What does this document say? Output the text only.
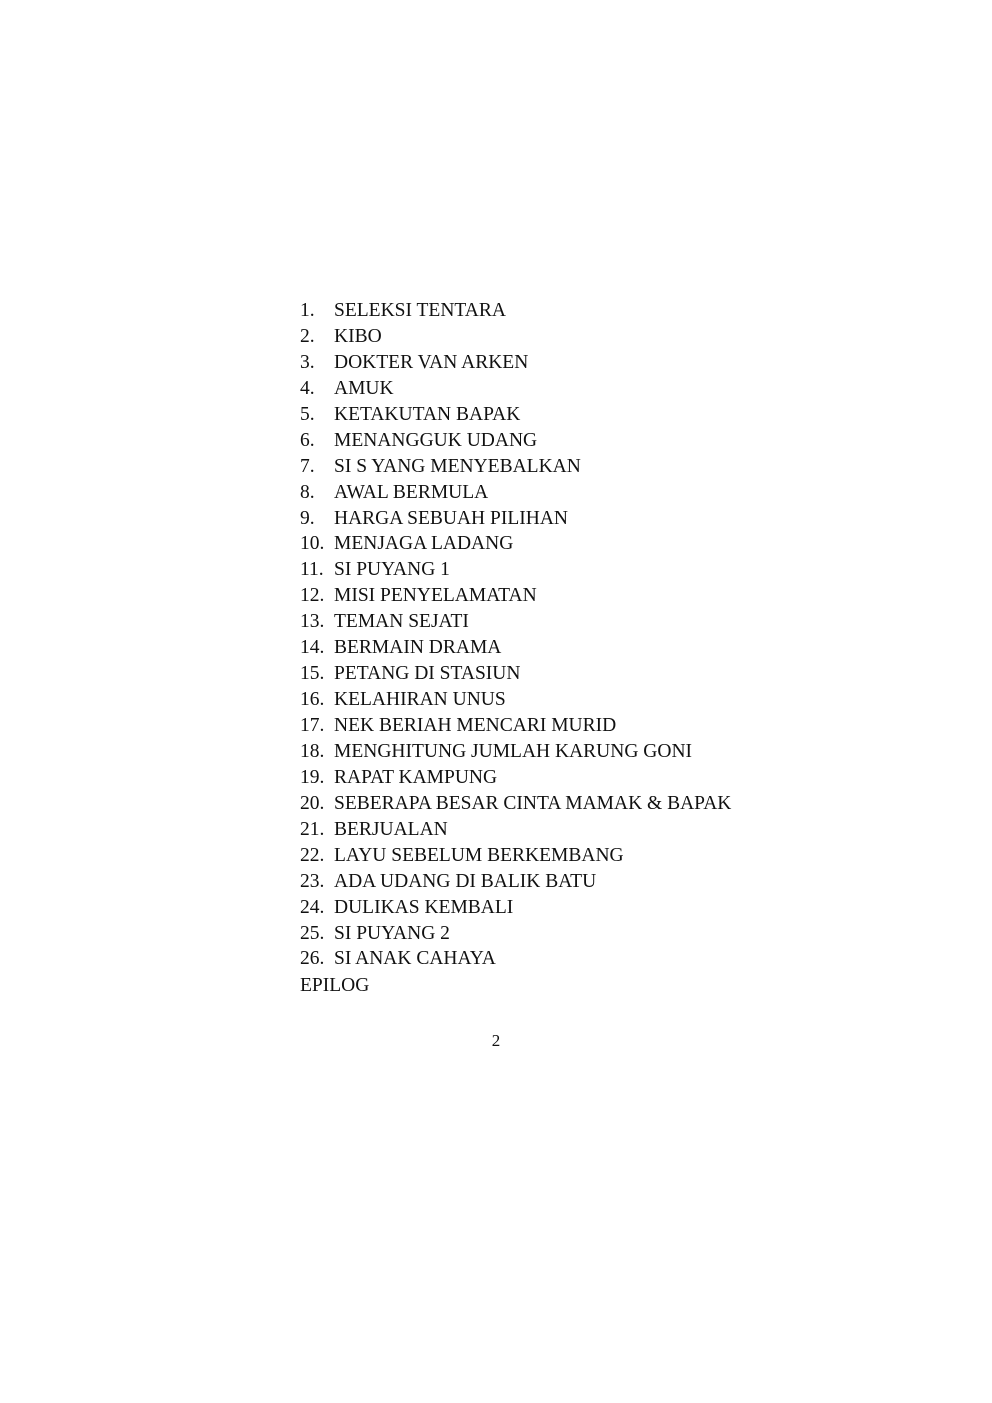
1. SELEKSI TENTARA
2. KIBO
3. DOKTER VAN ARKEN
4. AMUK
5. KETAKUTAN BAPAK
6. MENANGGUK UDANG
7. SI S YANG MENYEBALKAN
8. AWAL BERMULA
9. HARGA SEBUAH PILIHAN
10. MENJAGA LADANG
11. SI PUYANG 1
12. MISI PENYELAMATAN
13. TEMAN SEJATI
14. BERMAIN DRAMA
15. PETANG DI STASIUN
16. KELAHIRAN UNUS
17. NEK BERIAH MENCARI MURID
18. MENGHITUNG JUMLAH KARUNG GONI
19. RAPAT KAMPUNG
20. SEBERAPA BESAR CINTA MAMAK & BAPAK
21. BERJUALAN
22. LAYU SEBELUM BERKEMBANG
23. ADA UDANG DI BALIK BATU
24. DULIKAS KEMBALI
25. SI PUYANG 2
26. SI ANAK CAHAYA
EPILOG
2
